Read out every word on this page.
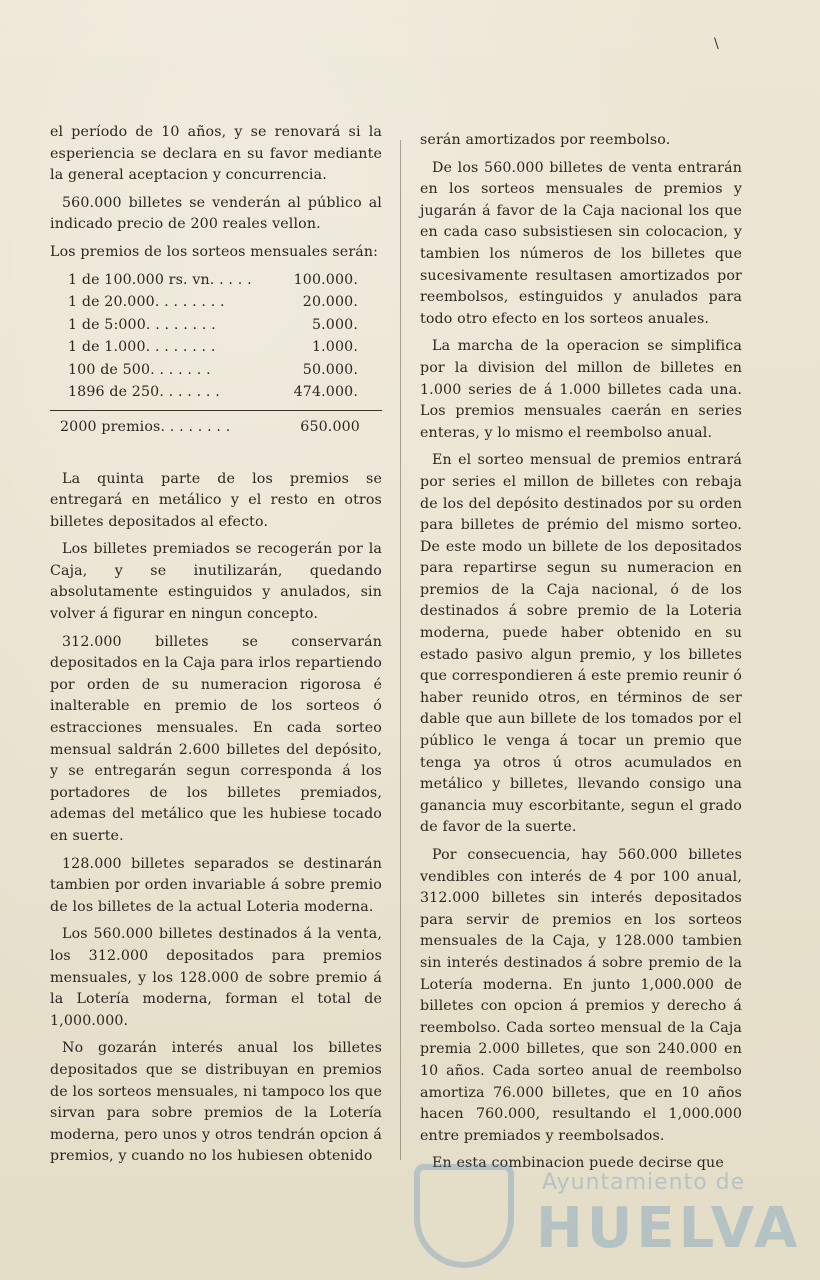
\

el período de 10 años, y se renovará si la esperiencia se declara en su favor mediante la general aceptacion y concurrencia.

560.000 billetes se venderán al público al indicado precio de 200 reales vellon.

Los premios de los sorteos mensuales serán:

1 de 100.000 rs. vn. . . . .	100.000.
1 de 20.000. . . . . . . .	20.000.
1 de 5:000. . . . . . . .	5.000.
1 de 1.000. . . . . . . .	1.000.
100 de 500. . . . . . .	50.000.
1896 de 250. . . . . . .	474.000.
2000 premios. . . . . . . .	650.000

La quinta parte de los premios se entregará en metálico y el resto en otros billetes depositados al efecto.

Los billetes premiados se recogerán por la Caja, y se inutilizarán, quedando absolutamente estinguidos y anulados, sin volver á figurar en ningun concepto.

312.000 billetes se conservarán depositados en la Caja para irlos repartiendo por orden de su numeracion rigorosa é inalterable en premio de los sorteos ó estracciones mensuales. En cada sorteo mensual saldrán 2.600 billetes del depósito, y se entregarán segun corresponda á los portadores de los billetes premiados, ademas del metálico que les hubiese tocado en suerte.

128.000 billetes separados se destinarán tambien por orden invariable á sobre premio de los billetes de la actual Loteria moderna.

Los 560.000 billetes destinados á la venta, los 312.000 depositados para premios mensuales, y los 128.000 de sobre premio á la Lotería moderna, forman el total de 1,000.000.

No gozarán interés anual los billetes depositados que se distribuyan en premios de los sorteos mensuales, ni tampoco los que sirvan para sobre premios de la Lotería moderna, pero unos y otros tendrán opcion á premios, y cuando no los hubiesen obtenido

serán amortizados por reembolso.

De los 560.000 billetes de venta entrarán en los sorteos mensuales de premios y jugarán á favor de la Caja nacional los que en cada caso subsistiesen sin colocacion, y tambien los números de los billetes que sucesivamente resultasen amortizados por reembolsos, estinguidos y anulados para todo otro efecto en los sorteos anuales.

La marcha de la operacion se simplifica por la division del millon de billetes en 1.000 series de á 1.000 billetes cada una. Los premios mensuales caerán en series enteras, y lo mismo el reembolso anual.

En el sorteo mensual de premios entrará por series el millon de billetes con rebaja de los del depósito destinados por su orden para billetes de prémio del mismo sorteo. De este modo un billete de los depositados para repartirse segun su numeracion en premios de la Caja nacional, ó de los destinados á sobre premio de la Loteria moderna, puede haber obtenido en su estado pasivo algun premio, y los billetes que correspondieren á este premio reunir ó haber reunido otros, en términos de ser dable que aun billete de los tomados por el público le venga á tocar un premio que tenga ya otros ú otros acumulados en metálico y billetes, llevando consigo una ganancia muy escorbitante, segun el grado de favor de la suerte.

Por consecuencia, hay 560.000 billetes vendibles con interés de 4 por 100 anual, 312.000 billetes sin interés depositados para servir de premios en los sorteos mensuales de la Caja, y 128.000 tambien sin interés destinados á sobre premio de la Lotería moderna. En junto 1,000.000 de billetes con opcion á premios y derecho á reembolso. Cada sorteo mensual de la Caja premia 2.000 billetes, que son 240.000 en 10 años. Cada sorteo anual de reembolso amortiza 76.000 billetes, que en 10 años hacen 760.000, resultando el 1,000.000 entre premiados y reembolsados.

En esta combinacion puede decirse que

Ayuntamiento de
HUELVA
